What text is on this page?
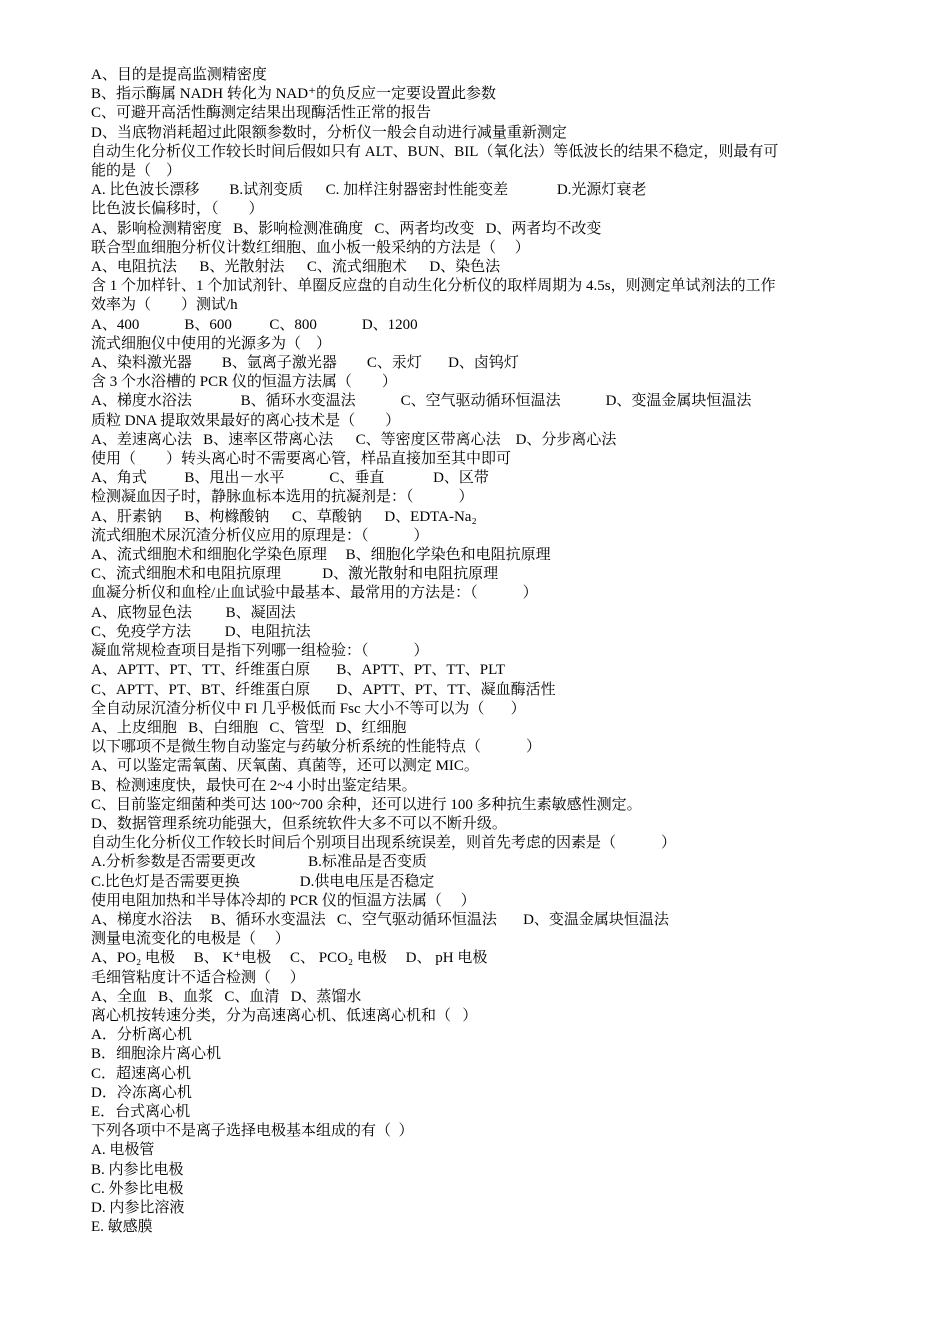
A、目的是提高监测精密度
B、指示酶属 NADH 转化为 NAD⁺的负反应一定要设置此参数
C、可避开高活性酶测定结果出现酶活性正常的报告
D、当底物消耗超过此限额参数时，分析仪一般会自动进行减量重新测定
自动生化分析仪工作较长时间后假如只有 ALT、BUN、BIL（氧化法）等低波长的结果不稳定，则最有可
能的是（    ）
A. 比色波长漂移        B.试剂变质      C. 加样注射器密封性能变差             D.光源灯衰老
比色波长偏移时，（        ）
A、影响检测精密度   B、影响检测准确度   C、两者均改变   D、两者均不改变
联合型血细胞分析仪计数红细胞、血小板一般采纳的方法是（     ）
A、电阻抗法      B、光散射法      C、流式细胞术      D、染色法
含 1 个加样针、1 个加试剂针、单圈反应盘的自动生化分析仪的取样周期为 4.5s，则测定单试剂法的工作
效率为（        ）测试/h
A、400            B、600          C、800            D、1200
流式细胞仪中使用的光源多为（    ）
A、染料激光器        B、氩离子激光器        C、汞灯       D、卤钨灯
含 3 个水浴槽的 PCR 仪的恒温方法属（        ）
A、梯度水浴法             B、循环水变温法            C、空气驱动循环恒温法            D、变温金属块恒温法
质粒 DNA 提取效果最好的离心技术是（        ）
A、差速离心法   B、速率区带离心法      C、等密度区带离心法    D、分步离心法
使用（        ）转头离心时不需要离心管，样品直接加至其中即可
A、角式          B、甩出－水平            C、垂直             D、区带
检测凝血因子时，静脉血标本选用的抗凝剂是：（            ）
A、肝素钠      B、枸橼酸钠      C、草酸钠      D、EDTA-Na₂
流式细胞术尿沉渣分析仪应用的原理是：（            ）
A、流式细胞术和细胞化学染色原理     B、细胞化学染色和电阻抗原理
C、流式细胞术和电阻抗原理           D、激光散射和电阻抗原理
血凝分析仪和血栓/止血试验中最基本、最常用的方法是：（            ）
A、底物显色法         B、凝固法
C、免疫学方法         D、电阻抗法
凝血常规检查项目是指下列哪一组检验：（            ）
A、APTT、PT、TT、纤维蛋白原       B、APTT、PT、TT、PLT
C、APTT、PT、BT、纤维蛋白原       D、APTT、PT、TT、凝血酶活性
全自动尿沉渣分析仪中 Fl 几乎极低而 Fsc 大小不等可以为（       ）
A、上皮细胞   B、白细胞   C、管型   D、红细胞
以下哪项不是微生物自动鉴定与药敏分析系统的性能特点（            ）
A、可以鉴定需氧菌、厌氧菌、真菌等，还可以测定 MIC。
B、检测速度快，最快可在 2~4 小时出鉴定结果。
C、目前鉴定细菌种类可达 100~700 余种，还可以进行 100 多种抗生素敏感性测定。
D、数据管理系统功能强大，但系统软件大多不可以不断升级。
自动生化分析仪工作较长时间后个别项目出现系统误差，则首先考虑的因素是（            ）
A.分析参数是否需要更改              B.标准品是否变质
C.比色灯是否需要更换                D.供电电压是否稳定
使用电阻加热和半导体冷却的 PCR 仪的恒温方法属（     ）
A、梯度水浴法     B、循环水变温法   C、空气驱动循环恒温法       D、变温金属块恒温法
测量电流变化的电极是（     ）
A、PO₂ 电极     B、 K⁺电极     C、 PCO₂ 电极     D、 pH 电极
毛细管粘度计不适合检测（     ）
A、全血   B、血浆   C、血清   D、蒸馏水
离心机按转速分类，分为高速离心机、低速离心机和（   ）
A．分析离心机
B．细胞涂片离心机
C．超速离心机
D．冷冻离心机
E．台式离心机
下列各项中不是离子选择电极基本组成的有（  ）
A. 电极管
B. 内参比电极
C. 外参比电极
D. 内参比溶液
E. 敏感膜
